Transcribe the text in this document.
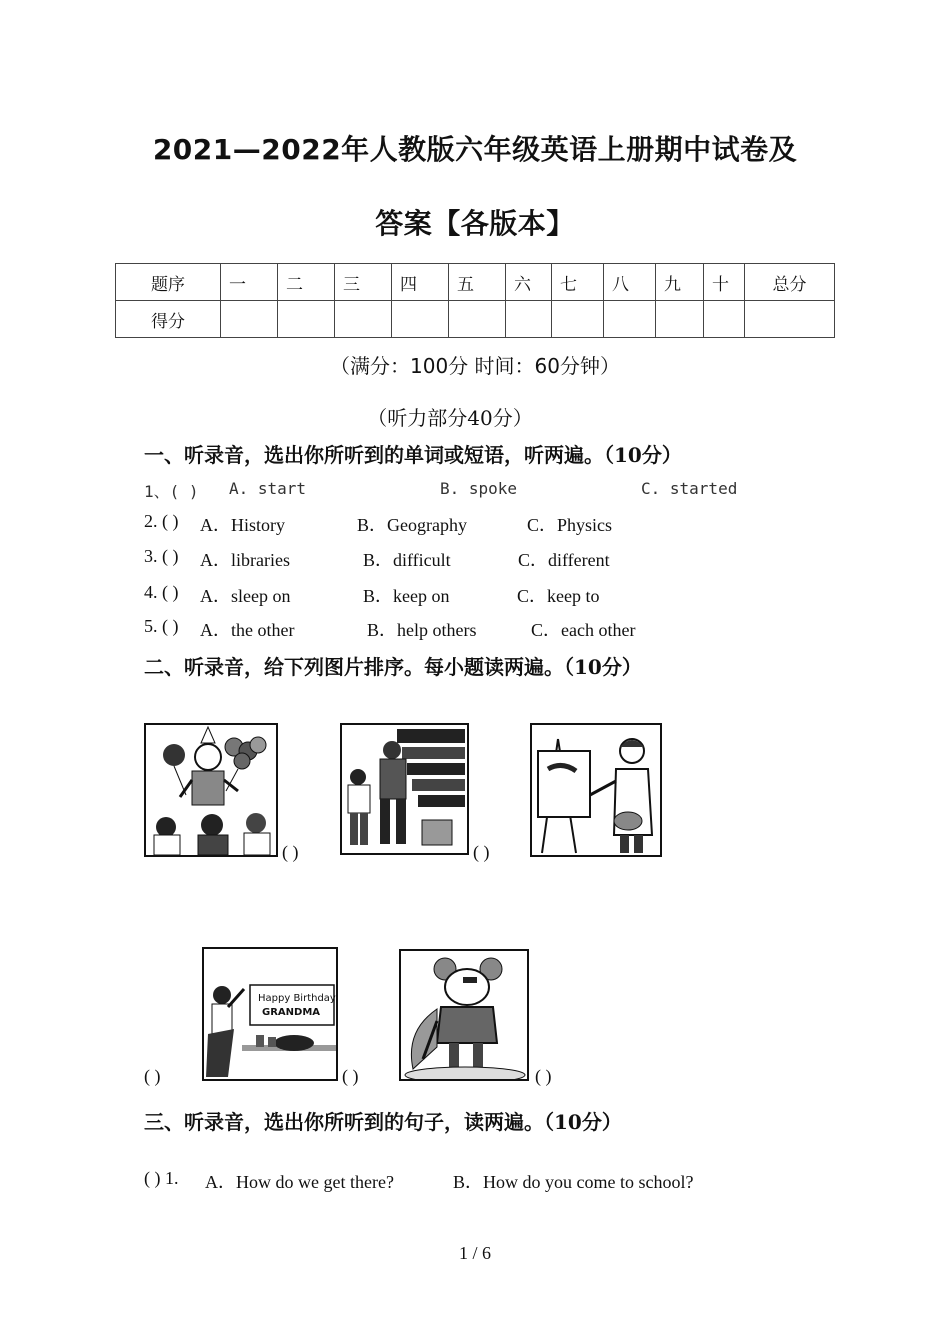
2021—2022年人教版六年级英语上册期中试卷及
答案【各版本】
题序	一	二	三	四	五	六	七	八	九	十	总分
得分											
（满分：100分 时间：60分钟）
（听力部分40分）
一、听录音，选出你所听到的单词或短语，听两遍。（10分）
1、( ) A. start	B. spoke	C. started
2. ( ) A．History	B．Geography	C．Physics
3. ( ) A．libraries	B．difficult	C．different
4. ( ) A．sleep on	B．keep on	C．keep to
5. ( ) A．the other	B．help others	C．each other
二、听录音，给下列图片排序。每小题读两遍。（10分）
( )	( )
( )
Happy Birthday
GRANDMA
( )	( )
三、听录音，选出你所听到的句子，读两遍。（10分）
( ) 1. A．How do we get there?	B．How do you come to school?
1 / 6
